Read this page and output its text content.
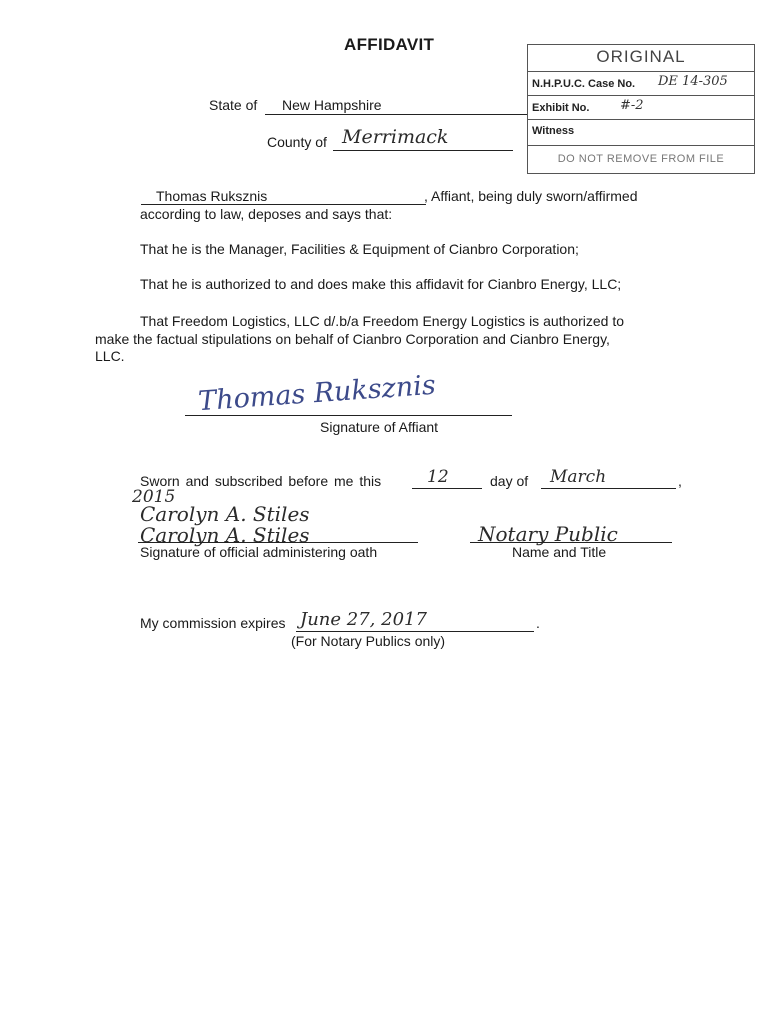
AFFIDAVIT
ORIGINAL
N.H.P.U.C. Case No. DE 14-305
Exhibit No. #-2
Witness
DO NOT REMOVE FROM FILE
State of New Hampshire
County of Merrimack
Thomas Ruksznis	, Affiant, being duly sworn/affirmed
according to law, deposes and says that:
That he is the Manager, Facilities & Equipment of Cianbro Corporation;
That he is authorized to and does make this affidavit for Cianbro Energy, LLC;
That Freedom Logistics, LLC d/.b/a Freedom Energy Logistics is authorized to
make the factual stipulations on behalf of Cianbro Corporation and Cianbro Energy,
LLC.
Thomas Ruksznis
Signature of Affiant
Sworn and subscribed before me this	12	day of March	,
2015
Carolyn A. Stiles
Carolyn A. Stiles
Signature of official administering oath
Notary Public
Name and Title
My commission expires June 27, 2017	.
(For Notary Publics only)
